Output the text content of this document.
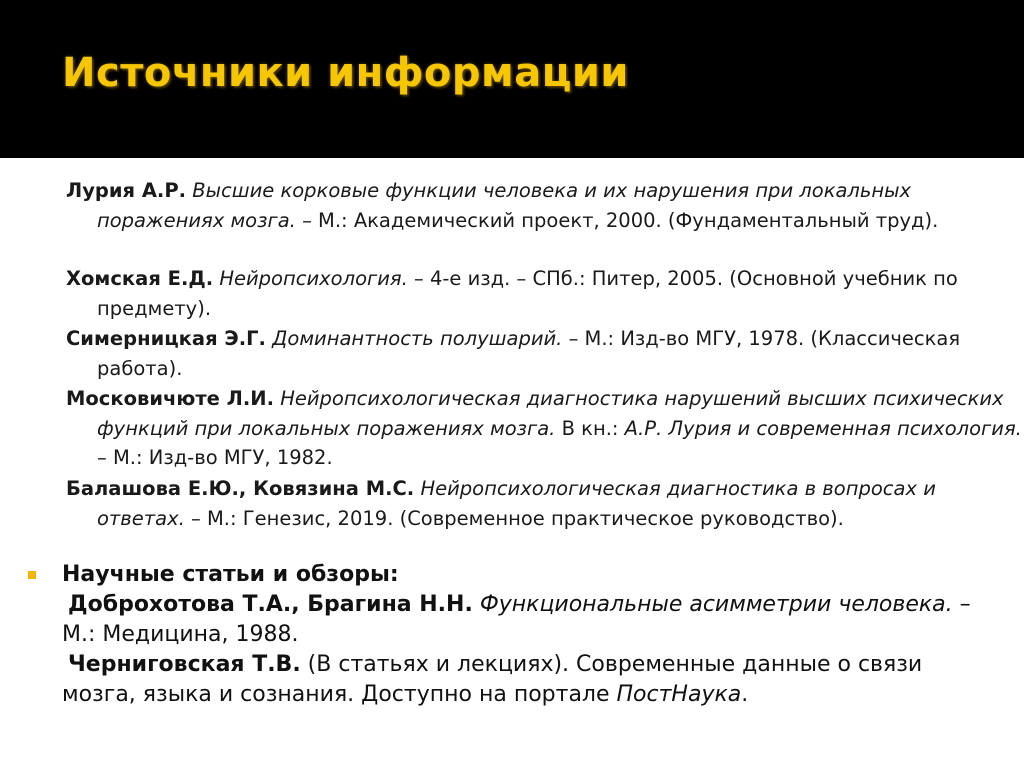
Источники информации
Лурия А.Р. Высшие корковые функции человека и их нарушения при локальных поражениях мозга. – М.: Академический проект, 2000. (Фундаментальный труд).
Хомская Е.Д. Нейропсихология. – 4-е изд. – СПб.: Питер, 2005. (Основной учебник по предмету).
Симерницкая Э.Г. Доминантность полушарий. – М.: Изд-во МГУ, 1978. (Классическая работа).
Московичюте Л.И. Нейропсихологическая диагностика нарушений высших психических функций при локальных поражениях мозга. В кн.: А.Р. Лурия и современная психология. – М.: Изд-во МГУ, 1982.
Балашова Е.Ю., Ковязина М.С. Нейропсихологическая диагностика в вопросах и ответах. – М.: Генезис, 2019. (Современное практическое руководство).
Научные статьи и обзоры:
Доброхотова Т.А., Брагина Н.Н. Функциональные асимметрии человека. – М.: Медицина, 1988.
Черниговская Т.В. (В статьях и лекциях). Современные данные о связи мозга, языка и сознания. Доступно на портале ПостНаука.
